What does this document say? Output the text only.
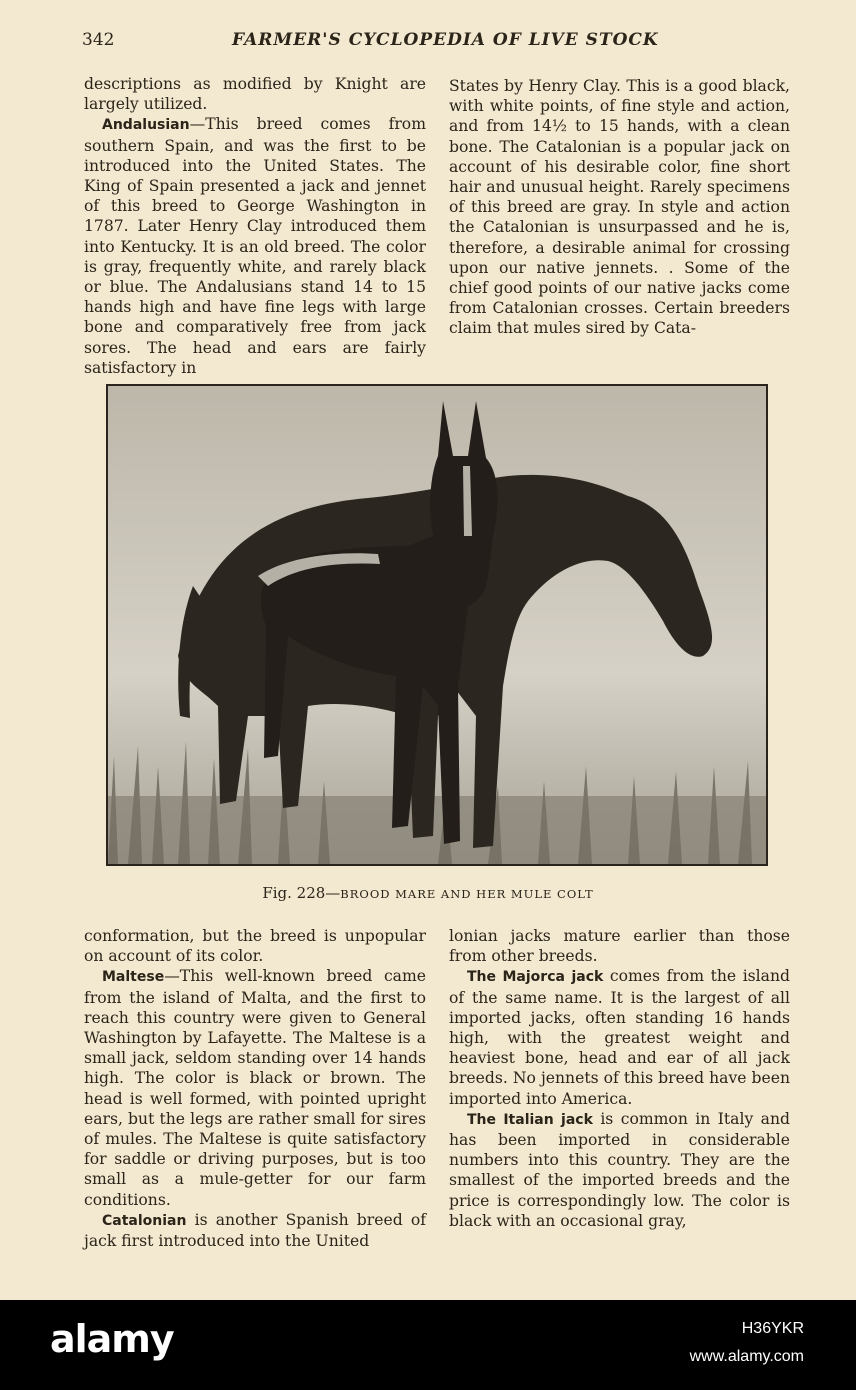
342	FARMER'S CYCLOPEDIA OF LIVE STOCK

descriptions as modified by Knight are largely utilized.

Andalusian—This breed comes from southern Spain, and was the first to be introduced into the United States. The King of Spain presented a jack and jennet of this breed to George Washington in 1787. Later Henry Clay introduced them into Kentucky. It is an old breed. The color is gray, frequently white, and rarely black or blue. The Andalusians stand 14 to 15 hands high and have fine legs with large bone and comparatively free from jack sores. The head and ears are fairly satisfactory in

States by Henry Clay. This is a good black, with white points, of fine style and action, and from 14½ to 15 hands, with a clean bone. The Catalonian is a popular jack on account of his desirable color, fine short hair and unusual height. Rarely specimens of this breed are gray. In style and action the Catalonian is unsurpassed and he is, therefore, a desirable animal for crossing upon our native jennets. . Some of the chief good points of our native jacks come from Catalonian crosses. Certain breeders claim that mules sired by Cata-

Fig. 228—BROOD MARE AND HER MULE COLT

conformation, but the breed is unpopular on account of its color.

Maltese—This well-known breed came from the island of Malta, and the first to reach this country were given to General Washington by Lafayette. The Maltese is a small jack, seldom standing over 14 hands high. The color is black or brown. The head is well formed, with pointed upright ears, but the legs are rather small for sires of mules. The Maltese is quite satisfactory for saddle or driving purposes, but is too small as a mule-getter for our farm conditions.

Catalonian is another Spanish breed of jack first introduced into the United

lonian jacks mature earlier than those from other breeds.

The Majorca jack comes from the island of the same name. It is the largest of all imported jacks, often standing 16 hands high, with the greatest weight and heaviest bone, head and ear of all jack breeds. No jennets of this breed have been imported into America.

The Italian jack is common in Italy and has been imported in considerable numbers into this country. They are the smallest of the imported breeds and the price is correspondingly low. The color is black with an occasional gray,

alamy	H36YKR
www.alamy.com
